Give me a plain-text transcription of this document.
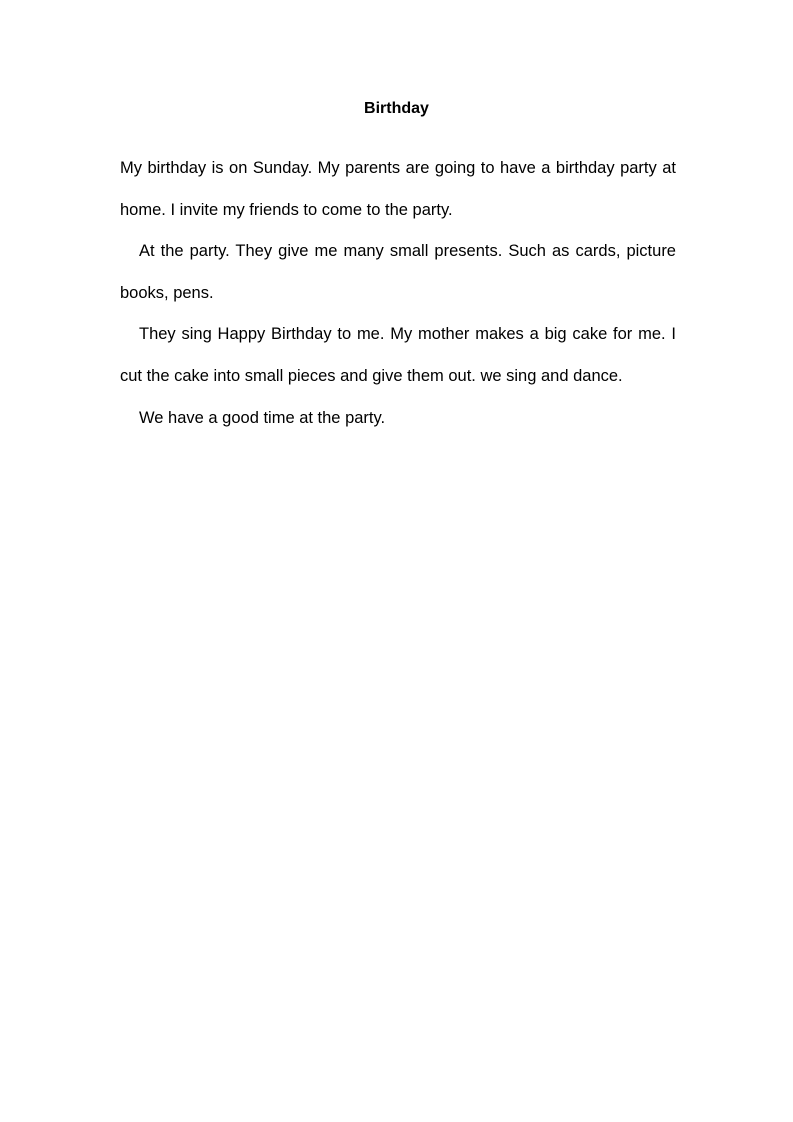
Birthday

My birthday is on Sunday. My parents are going to have a birthday party at home. I invite my friends to come to the party.

At the party. They give me many small presents. Such as cards, picture books, pens.

They sing Happy Birthday to me. My mother makes a big cake for me. I cut the cake into small pieces and give them out. we sing and dance.

We have a good time at the party.
